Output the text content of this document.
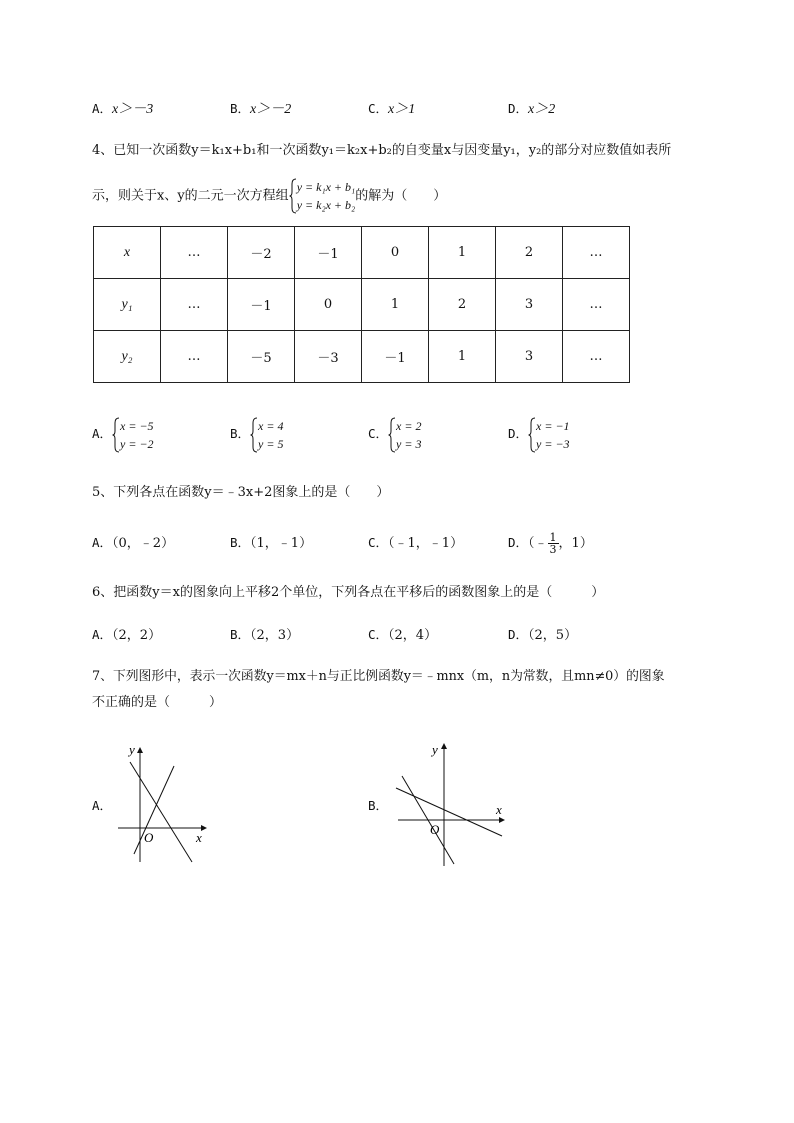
A．x＞－3	B．x＞－2	C．x＞1	D．x＞2
4、已知一次函数y＝k₁x+b₁和一次函数y₁＝k₂x+b₂的自变量x与因变量y₁，y₂的部分对应数值如表所
示，则关于x、y的二元一次方程组
y = k₁x + b₁
y = k₂x + b₂
的解为（　　）
x	…	－2	－1	0	1	2	…
y₁	…	－1	0	1	2	3	…
y₂	…	－5	－3	－1	1	3	…
A．
x = −5
y = −2
B．
x = 4
y = 5
C．
x = 2
y = 3
D．
x = −1
y = −3
5、下列各点在函数y＝﹣3x+2图象上的是（　　）
A．（0，﹣2）	B．（1，﹣1）	C．（﹣1，﹣1）	D．（﹣ $\frac{1}{3}$ ，1）
6、把函数y＝x的图象向上平移2个单位，下列各点在平移后的函数图象上的是（　　　）
A．（2，2）	B．（2，3）	C．（2，4）	D．（2，5）
7、下列图形中，表示一次函数y＝mx＋n与正比例函数y＝﹣mnx（m，n为常数，且mn≠0）的图象
不正确的是（　　　）
A．
y
x
O
B．
y
x
O
